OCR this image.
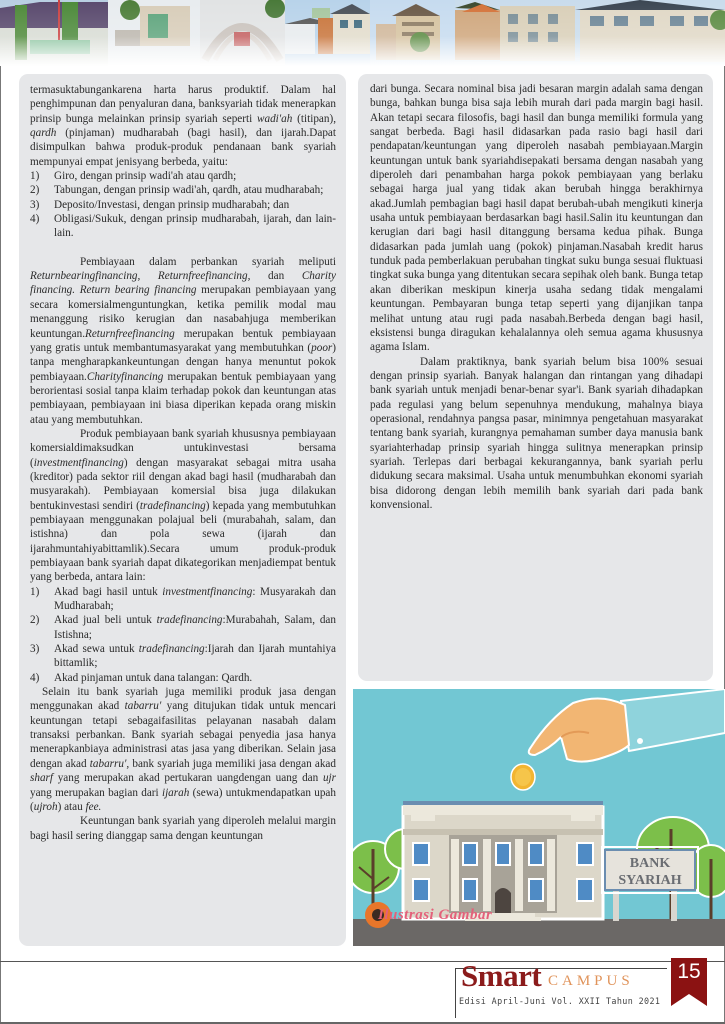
termasuktabungankarena harta harus produktif. Dalam hal penghimpunan dan penyaluran dana, banksyariah tidak menerapkan prinsip bunga melainkan prinsip syariah seperti wadi'ah (titipan), qardh (pinjaman) mudharabah (bagi hasil), dan ijarah.Dapat disimpulkan bahwa produk-produk pendanaan bank syariah mempunyai empat jenisyang berbeda, yaitu:

1) Giro, dengan prinsip wadi'ah atau qardh;
2) Tabungan, dengan prinsip wadi'ah, qardh, atau mudharabah;
3) Deposito/Investasi, dengan prinsip mudharabah; dan
4) Obligasi/Sukuk, dengan prinsip mudharabah, ijarah, dan lain-lain.

Pembiayaan dalam perbankan syariah meliputi Returnbearingfinancing, Returnfreefinancing, dan Charity financing. Return bearing financing merupakan pembiayaan yang secara komersialmenguntungkan, ketika pemilik modal mau menanggung risiko kerugian dan nasabahjuga memberikan keuntungan.Returnfreefinancing merupakan bentuk pembiayaan yang gratis untuk membantumasyarakat yang membutuhkan (poor) tanpa mengharapkankeuntungan dengan hanya menuntut pokok pembiayaan.Charityfinancing merupakan bentuk pembiayaan yang berorientasi sosial tanpa klaim terhadap pokok dan keuntungan atas pembiayaan, pembiayaan ini biasa diperikan kepada orang miskin atau yang membutuhkan.

Produk pembiayaan bank syariah khususnya pembiayaan komersialdimaksudkan untukinvestasi bersama (investmentfinancing) dengan masyarakat sebagai mitra usaha (kreditor) pada sektor riil dengan akad bagi hasil (mudharabah dan musyarakah). Pembiayaan komersial bisa juga dilakukan bentukinvestasi sendiri (tradefinancing) kepada yang membutuhkan pembiayaan menggunakan polajual beli (murabahah, salam, dan istishna) dan pola sewa (ijarah dan ijarahmuntahiyabittamlik).Secara umum produk-produk pembiayaan bank syariah dapat dikategorikan menjadiempat bentuk yang berbeda, antara lain:

1) Akad bagi hasil untuk investmentfinancing: Musyarakah dan Mudharabah;
2) Akad jual beli untuk tradefinancing:Murabahah, Salam, dan Istishna;
3) Akad sewa untuk tradefinancing:Ijarah dan Ijarah muntahiya bittamlik;
4) Akad pinjaman untuk dana talangan: Qardh.

Selain itu bank syariah juga memiliki produk jasa dengan menggunakan akad tabarru' yang ditujukan tidak untuk mencari keuntungan tetapi sebagaifasilitas pelayanan nasabah dalam transaksi perbankan. Bank syariah sebagai penyedia jasa hanya menerapkanbiaya administrasi atas jasa yang diberikan. Selain jasa dengan akad tabarru', bank syariah juga memiliki jasa dengan akad sharf yang merupakan akad pertukaran uangdengan uang dan ujr yang merupakan bagian dari ijarah (sewa) untukmendapatkan upah (ujroh) atau fee.

Keuntungan bank syariah yang diperoleh melalui margin bagi hasil sering dianggap sama dengan keuntungan

dari bunga. Secara nominal bisa jadi besaran margin adalah sama dengan bunga, bahkan bunga bisa saja lebih murah dari pada margin bagi hasil. Akan tetapi secara filosofis, bagi hasil dan bunga memiliki formula yang sangat berbeda. Bagi hasil didasarkan pada rasio bagi hasil dari pendapatan/keuntungan yang diperoleh nasabah pembiayaan.Margin keuntungan untuk bank syariahdisepakati bersama dengan nasabah yang diperoleh dari penambahan harga pokok pembiayaan yang berlaku sebagai harga jual yang tidak akan berubah hingga berakhirnya akad.Jumlah pembagian bagi hasil dapat berubah-ubah mengikuti kinerja usaha untuk pembiayaan berdasarkan bagi hasil.Salin itu keuntungan dan kerugian dari bagi hasil ditanggung bersama kedua pihak. Bunga didasarkan pada jumlah uang (pokok) pinjaman.Nasabah kredit harus tunduk pada pemberlakuan perubahan tingkat suku bunga sesuai fluktuasi tingkat suka bunga yang ditentukan secara sepihak oleh bank. Bunga tetap akan diberikan meskipun kinerja usaha sedang tidak mengalami keuntungan. Pembayaran bunga tetap seperti yang dijanjikan tanpa melihat untung atau rugi pada nasabah.Berbeda dengan bagi hasil, eksistensi bunga diragukan kehalalannya oleh semua agama khususnya agama Islam.

Dalam praktiknya, bank syariah belum bisa 100% sesuai dengan prinsip syariah. Banyak halangan dan rintangan yang dihadapi bank syariah untuk menjadi benar-benar syar'i. Bank syariah dihadapkan pada regulasi yang belum sepenuhnya mendukung, mahalnya biaya operasional, rendahnya pangsa pasar, minimnya pengetahuan masyarakat tentang bank syariah, kurangnya pemahaman sumber daya manusia bank syariahterhadap prinsip syariah hingga sulitnya menerapkan prinsip syariah. Terlepas dari berbagai kekurangannya, bank syariah perlu didukung secara maksimal. Usaha untuk menumbuhkan ekonomi syariah bisa didorong dengan lebih memilih bank syariah dari pada bank konvensional.

BANK
SYARIAH
Ilustrasi Gambar
Smart CAMPUS
Edisi April-Juni Vol. XXII Tahun 2021
15
